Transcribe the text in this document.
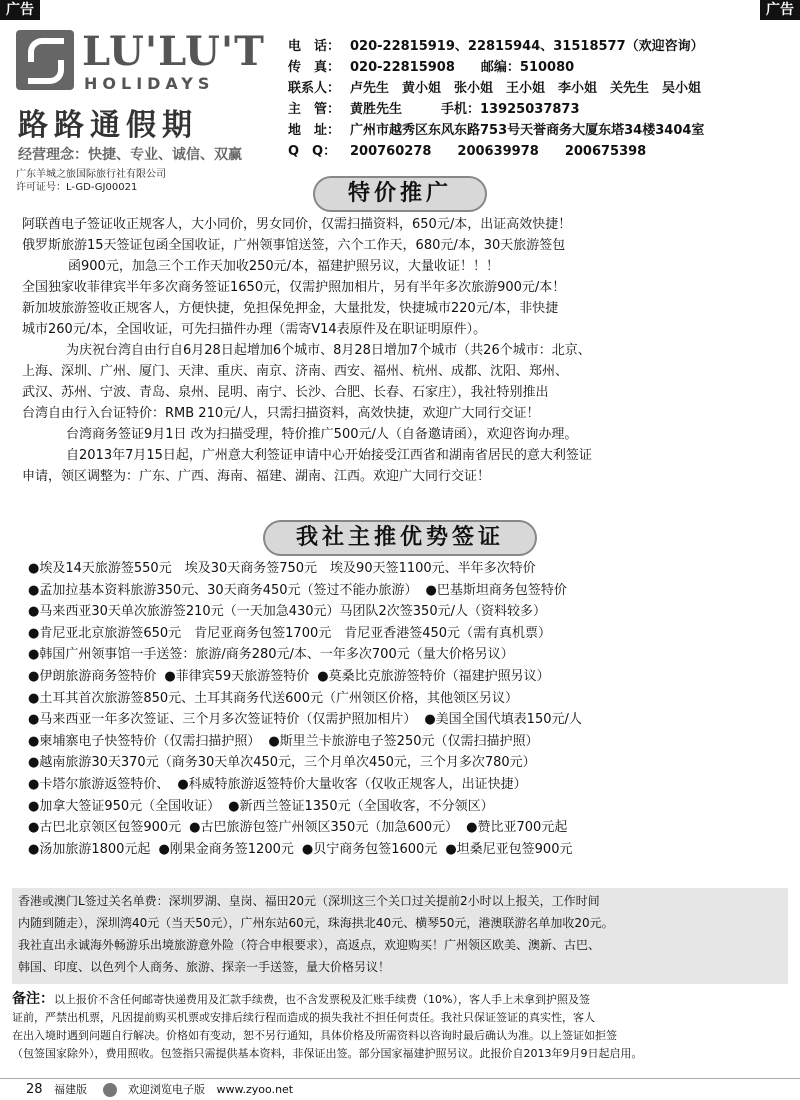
广告	广告
LU'LU'T
HOLIDAYS
路路通假期
经营理念：快捷、专业、诚信、双赢
广东羊城之旅国际旅行社有限公司
许可证号：L-GD-GJ00021
电　话： 020-22815919、22815944、31518577（欢迎咨询）
传　真： 020-22815908　　邮编：510080
联系人： 卢先生　黄小姐　张小姐　王小姐　李小姐　关先生　吴小姐
主　管： 黄胜先生　　　手机：13925037873
地　址： 广州市越秀区东风东路753号天誉商务大厦东塔34楼3404室
Q　Q：	200760278　　200639978　　200675398
特价推广

阿联酋电子签证收正规客人，大小同价，男女同价，仅需扫描资料，650元/本，出证高效快捷！

俄罗斯旅游15天签证包函全国收证，广州领事馆送签，六个工作天，680元/本，30天旅游签包

函900元，加急三个工作天加收250元/本，福建护照另议，大量收证！！！

全国独家收菲律宾半年多次商务签证1650元，仅需护照加相片，另有半年多次旅游900元/本！

新加坡旅游签收正规客人，方便快捷，免担保免押金，大量批发，快捷城市220元/本，非快捷

城市260元/本，全国收证，可先扫描件办理（需寄V14表原件及在职证明原件）。

为庆祝台湾自由行自6月28日起增加6个城市、8月28日增加7个城市（共26个城市：北京、

上海、深圳、广州、厦门、天津、重庆、南京、济南、西安、福州、杭州、成都、沈阳、郑州、

武汉、苏州、宁波、青岛、泉州、昆明、南宁、长沙、合肥、长春、石家庄），我社特别推出

台湾自由行入台证特价：RMB 210元/人，只需扫描资料，高效快捷，欢迎广大同行交证！

台湾商务签证9月1日 改为扫描受理，特价推广500元/人（自备邀请函），欢迎咨询办理。

自2013年7月15日起，广州意大利签证申请中心开始接受江西省和湖南省居民的意大利签证

申请，领区调整为：广东、广西、海南、福建、湖南、江西。欢迎广大同行交证！

我社主推优势签证
●埃及14天旅游签550元　埃及30天商务签750元　埃及90天签1100元、半年多次特价
●孟加拉基本资料旅游350元、30天商务450元（签过不能办旅游） ●巴基斯坦商务包签特价
●马来西亚30天单次旅游签210元（一天加急430元）马团队2次签350元/人（资料较多）
●肯尼亚北京旅游签650元　肯尼亚商务包签1700元　肯尼亚香港签450元（需有真机票）
●韩国广州领事馆一手送签：旅游/商务280元/本、一年多次700元（量大价格另议）
●伊朗旅游商务签特价 ●菲律宾59天旅游签特价 ●莫桑比克旅游签特价（福建护照另议）
●土耳其首次旅游签850元、土耳其商务代送600元（广州领区价格，其他领区另议）
●马来西亚一年多次签证、三个月多次签证特价（仅需护照加相片） ●美国全国代填表150元/人
●柬埔寨电子快签特价（仅需扫描护照） ●斯里兰卡旅游电子签250元（仅需扫描护照）
●越南旅游30天370元（商务30天单次450元，三个月单次450元，三个月多次780元）
●卡塔尔旅游返签特价、 ●科威特旅游返签特价大量收客（仅收正规客人，出证快捷）
●加拿大签证950元（全国收证） ●新西兰签证1350元（全国收客，不分领区）
●古巴北京领区包签900元 ●古巴旅游包签广州领区350元（加急600元） ●赞比亚700元起
●汤加旅游1800元起 ●刚果金商务签1200元 ●贝宁商务包签1600元 ●坦桑尼亚包签900元

香港或澳门L签过关名单费：深圳罗湖、皇岗、福田20元（深圳这三个关口过关提前2小时以上报关，工作时间

内随到随走），深圳湾40元（当天50元），广州东站60元，珠海拱北40元、横琴50元，港澳联游名单加收20元。

我社直出永诚海外畅游乐出境旅游意外险（符合申根要求），高返点，欢迎购买！广州领区欧美、澳新、古巴、

韩国、印度、以色列个人商务、旅游、探亲一手送签，量大价格另议！

备注：以上报价不含任何邮寄快递费用及汇款手续费，也不含发票税及汇账手续费（10%），客人手上未拿到护照及签
证前，严禁出机票，凡因提前购买机票或安排后续行程而造成的损失我社不担任何责任。我社只保证签证的真实性，客人
在出入境时遇到问题自行解决。价格如有变动，恕不另行通知，具体价格及所需资料以咨询时最后确认为准。以上签证如拒签
（包签国家除外），费用照收。包签指只需提供基本资料，非保证出签。部分国家福建护照另议。此报价自2013年9月9日起启用。
28 福建版	欢迎浏览电子版 www.zyoo.net
